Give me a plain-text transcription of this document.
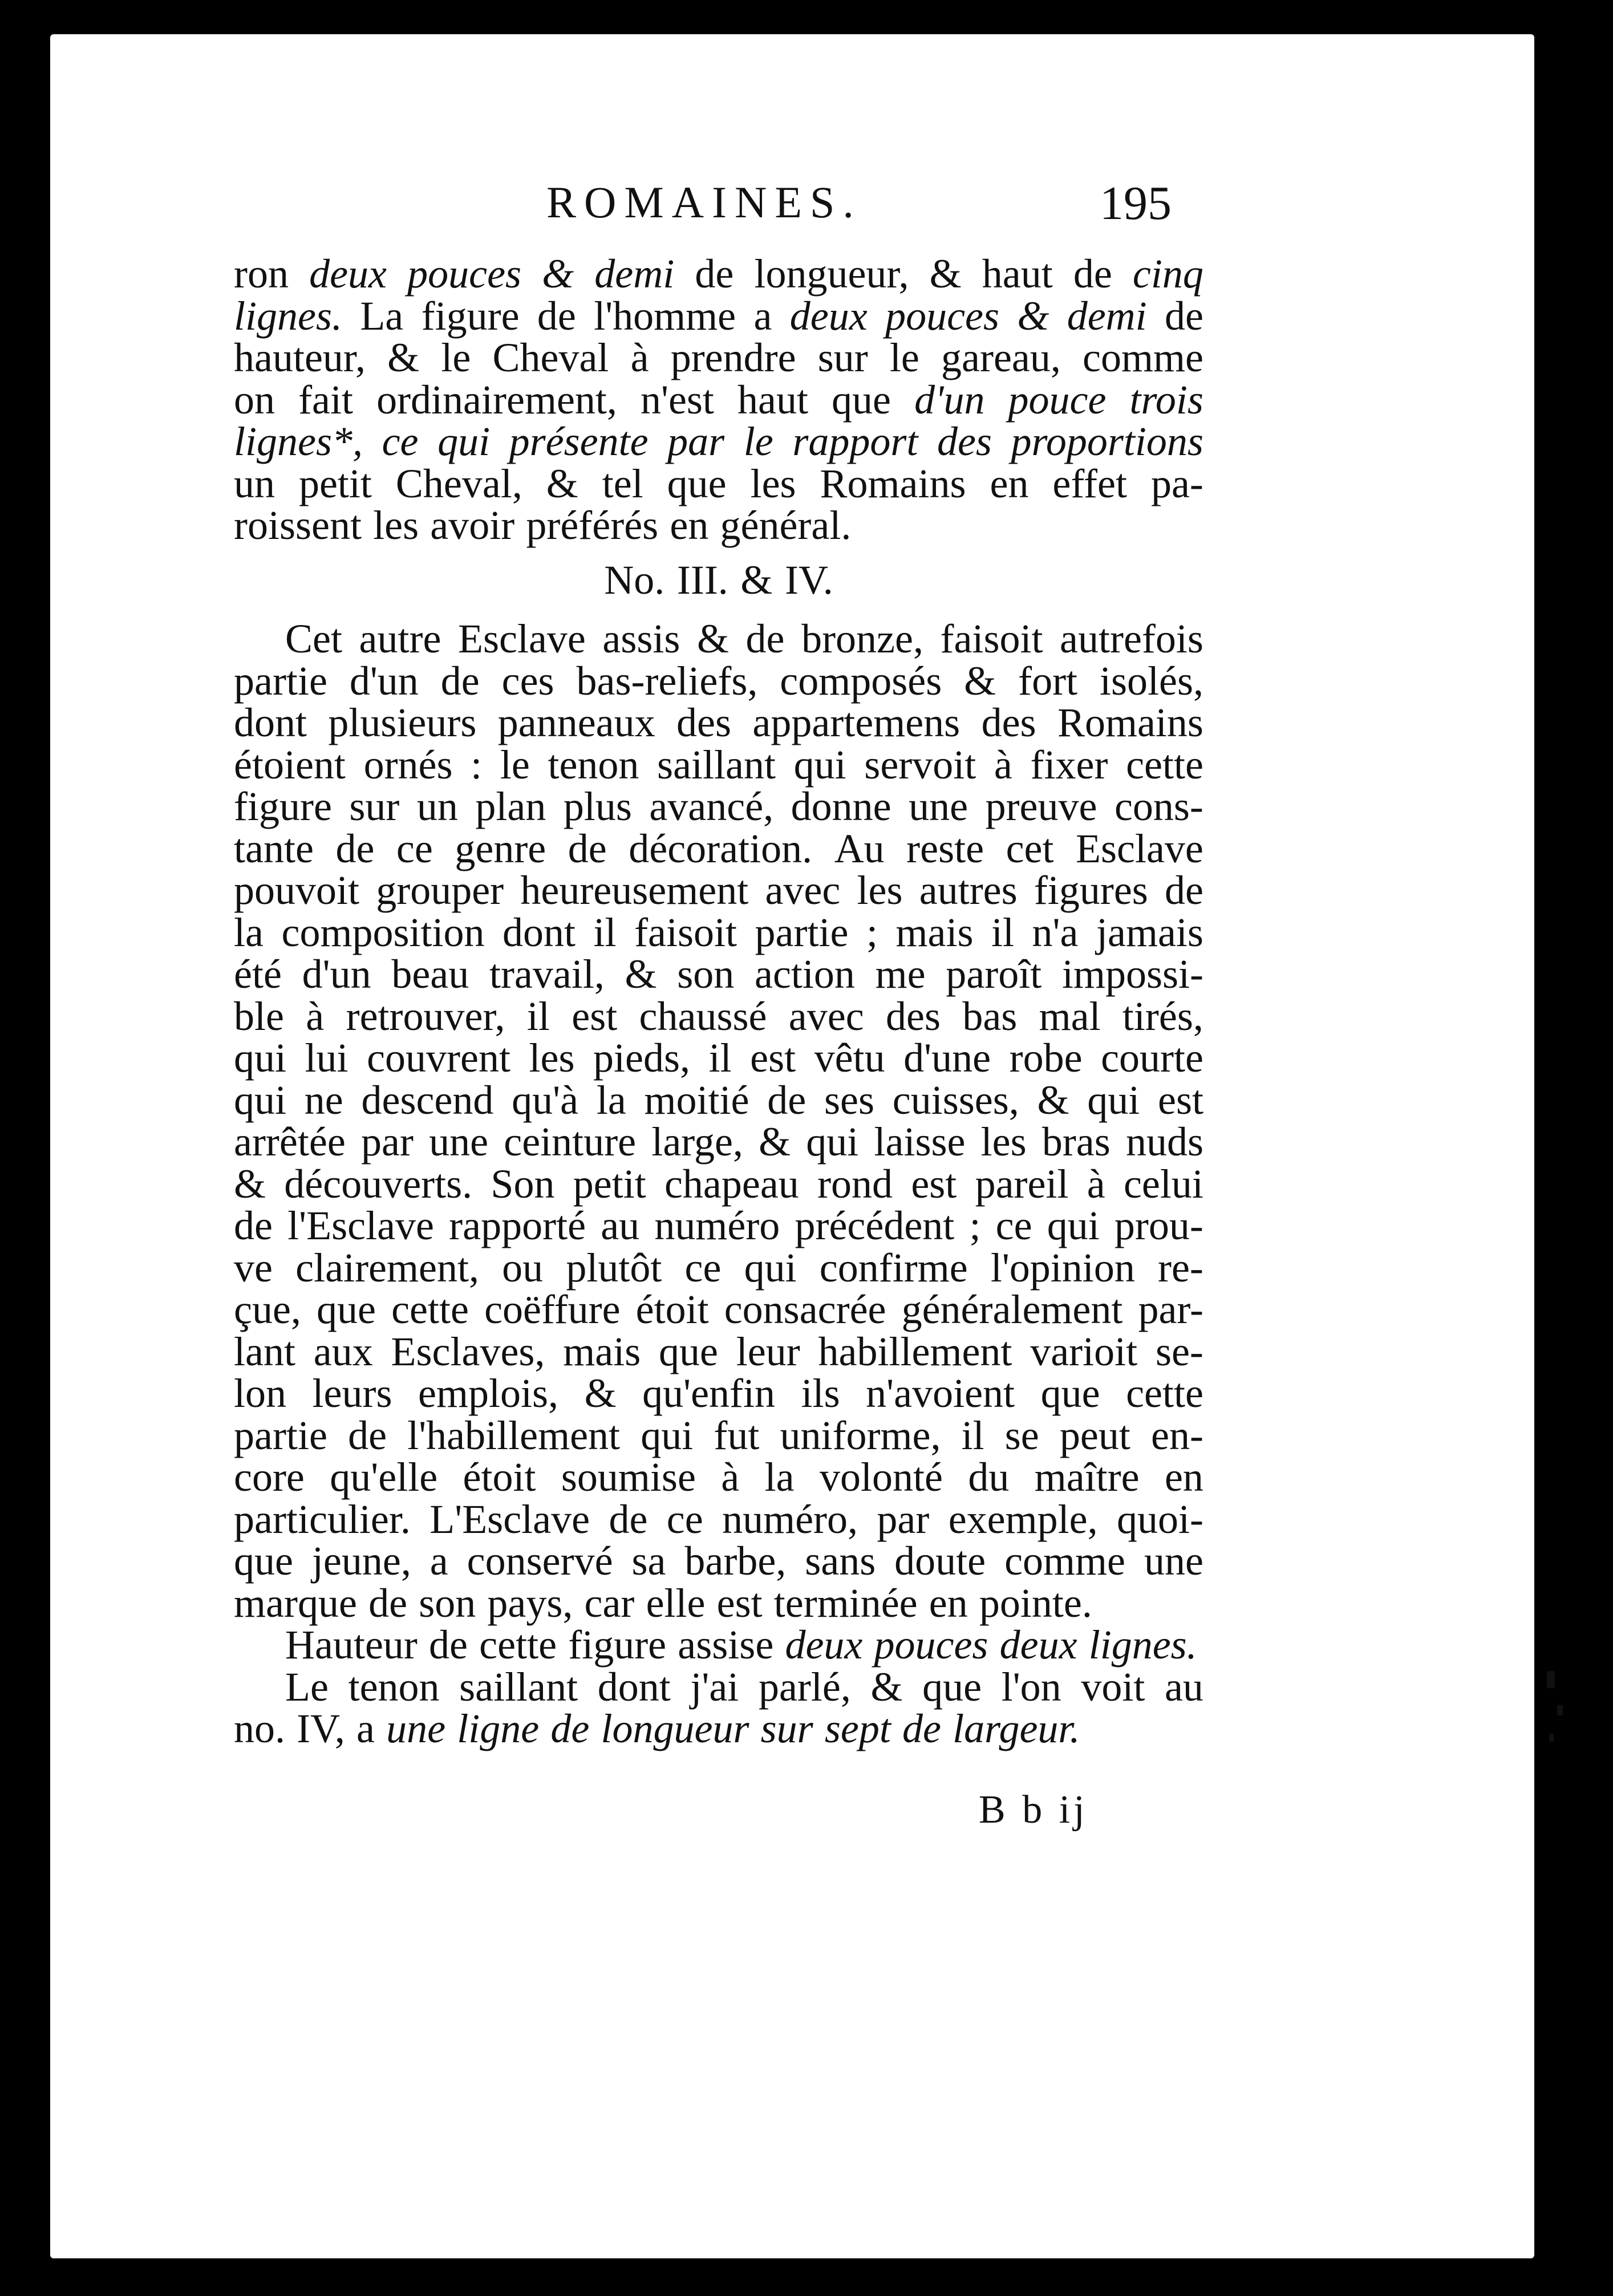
ROMAINES.	195
ron deux pouces & demi de longueur, & haut de cinq
lignes. La figure de l'homme a deux pouces & demi de
hauteur, & le Cheval à prendre sur le gareau, comme
on fait ordinairement, n'est haut que d'un pouce trois
lignes*, ce qui présente par le rapport des proportions
un petit Cheval, & tel que les Romains en effet pa-
roissent les avoir préférés en général.
No. III. & IV.
Cet autre Esclave assis & de bronze, faisoit autrefois
partie d'un de ces bas-reliefs, composés & fort isolés,
dont plusieurs panneaux des appartemens des Romains
étoient ornés : le tenon saillant qui servoit à fixer cette
figure sur un plan plus avancé, donne une preuve cons-
tante de ce genre de décoration. Au reste cet Esclave
pouvoit grouper heureusement avec les autres figures de
la composition dont il faisoit partie ; mais il n'a jamais
été d'un beau travail, & son action me paroît impossi-
ble à retrouver, il est chaussé avec des bas mal tirés,
qui lui couvrent les pieds, il est vêtu d'une robe courte
qui ne descend qu'à la moitié de ses cuisses, & qui est
arrêtée par une ceinture large, & qui laisse les bras nuds
& découverts. Son petit chapeau rond est pareil à celui
de l'Esclave rapporté au numéro précédent ; ce qui prou-
ve clairement, ou plutôt ce qui confirme l'opinion re-
çue, que cette coëffure étoit consacrée généralement par-
lant aux Esclaves, mais que leur habillement varioit se-
lon leurs emplois, & qu'enfin ils n'avoient que cette
partie de l'habillement qui fut uniforme, il se peut en-
core qu'elle étoit soumise à la volonté du maître en
particulier. L'Esclave de ce numéro, par exemple, quoi-
que jeune, a conservé sa barbe, sans doute comme une
marque de son pays, car elle est terminée en pointe.
Hauteur de cette figure assise deux pouces deux lignes.
Le tenon saillant dont j'ai parlé, & que l'on voit au
no. IV, a une ligne de longueur sur sept de largeur.
B b ij
